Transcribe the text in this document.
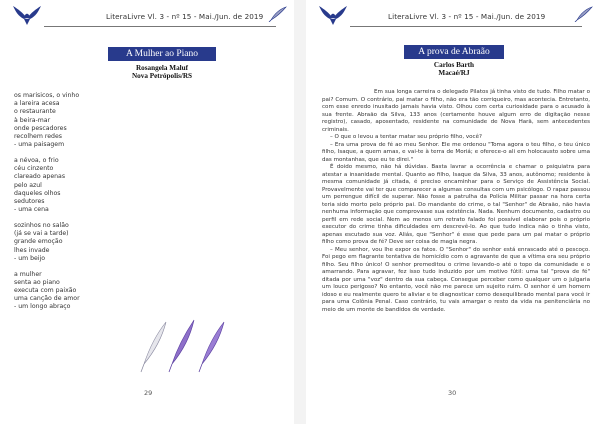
LiteraLivre Vl. 3 - nº 15 - Mai./Jun. de 2019
A Mulher ao Piano
Rosangela Maluf
Nova Petrópolis/RS
os marisicos, o vinho
a lareira acesa
o restaurante
à beira-mar
onde pescadores
recolhem redes
- uma paisagem
a névoa, o frio
céu cinzento
clareado apenas
pelo azul
daqueles olhos
sedutores
- uma cena
sozinhos no salão
(já se vai a tarde)
grande emoção
lhes invade
- um beijo
a mulher
senta ao piano
executa com paixão
uma canção de amor
- um longo abraço
29
LiteraLivre Vl. 3 - nº 15 - Mai./Jun. de 2019
A prova de Abraão
Carlos Barth
Macaé/RJ

Em sua longa carreira o delegado Pilatos já tinha visto de tudo. Filho matar o pai? Comum. O contrário, pai matar o filho, não era tão corriqueiro, mas acontecia. Entretanto, com esse enredo inusitado jamais havia visto. Olhou com certa curiosidade para o acusado à sua frente. Abraão da Silva, 133 anos (certamente houve algum erro de digitação nesse registro), casado, aposentado, residente na comunidade de Nova Harã, sem antecedentes criminais.

– O que o levou a tentar matar seu próprio filho, você?

– Era uma prova de fé ao meu Senhor. Ele me ordenou "Toma agora o teu filho, o teu único filho, Isaque, a quem amas, e vai-te à terra de Moriá; e oferece-o ali em holocausto sobre uma das montanhas, que eu te direi."

É doido mesmo, não há dúvidas. Basta lavrar a ocorrência e chamar o psiquiatra para atestar a insanidade mental. Quanto ao filho, Isaque da Silva, 33 anos, autônomo; residente à mesma comunidade já citada, é preciso encaminhar para o Serviço de Assistência Social. Provavelmente vai ter que comparecer a algumas consultas com um psicólogo. O rapaz passou um perrengue difícil de superar. Não fosse a patrulha da Polícia Militar passar na hora certa teria sido morto pelo próprio pai. Do mandante do crime, o tal "Senhor" de Abraão, não havia nenhuma informação que comprovasse sua existência. Nada. Nenhum documento, cadastro ou perfil em rede social. Nem ao menos um retrato falado foi possível elaborar pois o próprio executor do crime tinha dificuldades em descrevê-lo. Ao que tudo indica não o tinha visto, apenas escutado sua voz. Aliás, que "Senhor" é esse que pede para um pai matar o próprio filho como prova de fé? Deve ser coisa de magia negra.

– Meu senhor, vou lhe expor os fatos. O "Senhor" do senhor está enrascado até o pescoço. Foi pego em flagrante tentativa de homicídio com o agravante de que a vítima era seu próprio filho. Seu filho único! O senhor premeditou o crime levando-o até o topo da comunidade e o amarrando. Para agravar, fez isso tudo induzido por um motivo fútil: uma tal "prova de fé" ditada por uma "voz" dentro da sua cabeça. Consegue perceber como qualquer um o julgaria um louco perigoso? No entanto, você não me parece um sujeito ruim. O senhor é um homem idoso e eu realmente quero te aliviar e te diagnosticar como desequilibrado mental para você ir para uma Colônia Penal. Caso contrário, tu vais amargar o resto da vida na penitenciária no meio de um monte de bandidos de verdade.

30
